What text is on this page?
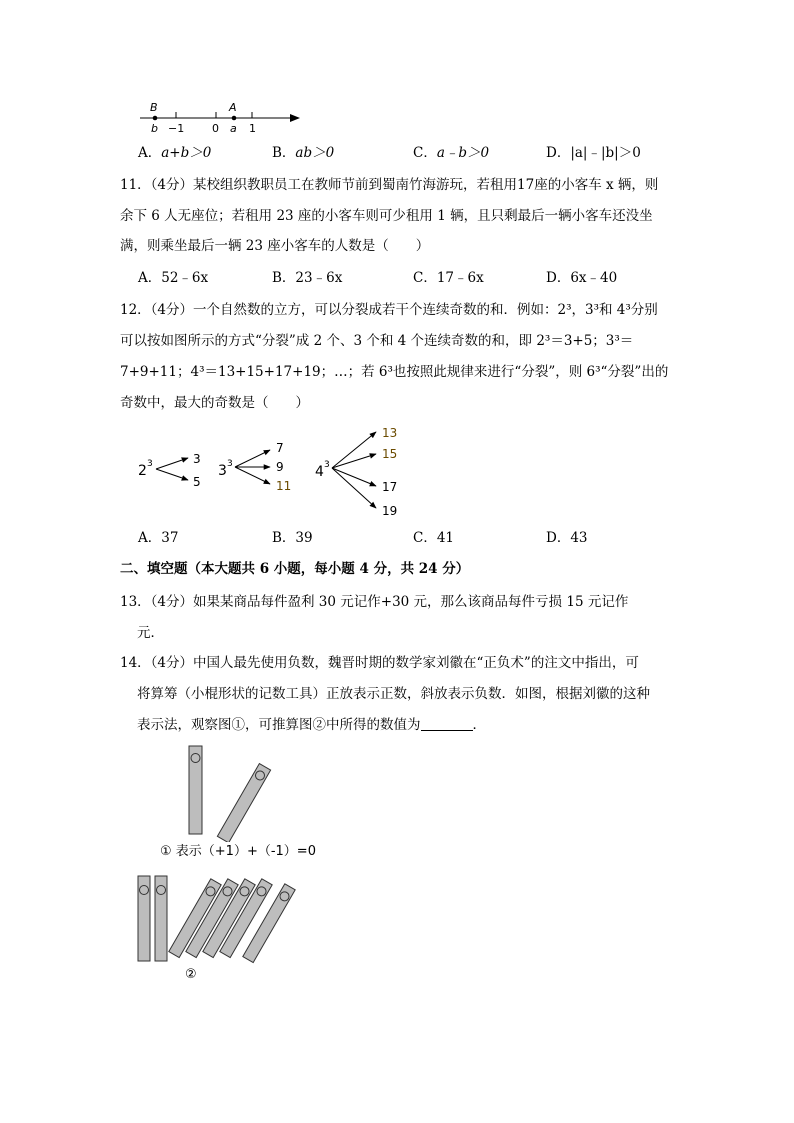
B	A
b −1	0 a 1
A．a+b＞0	B．ab＞0	C．a﹣b＞0	D．|a|﹣|b|＞0
11．（4分）某校组织教职员工在教师节前到蜀南竹海游玩，若租用17座的小客车 x 辆，则
余下 6 人无座位；若租用 23 座的小客车则可少租用 1 辆，且只剩最后一辆小客车还没坐
满，则乘坐最后一辆 23 座小客车的人数是（　　）
A．52﹣6x	B．23﹣6x	C．17﹣6x	D．6x﹣40
12．（4分）一个自然数的立方，可以分裂成若干个连续奇数的和．例如：2³，3³和 4³分别
可以按如图所示的方式“分裂”成 2 个、3 个和 4 个连续奇数的和，即 2³＝3+5；3³＝
7+9+11；4³＝13+15+17+19；…；若 6³也按照此规律来进行“分裂”，则 6³“分裂”出的
奇数中，最大的奇数是（　　）
2 3	3
5
3 3
7
9
11
4 3
13
15
17
19
A．37	B．39	C．41	D．43
二、填空题（本大题共 6 小题，每小题 4 分，共 24 分）
13．（4分）如果某商品每件盈利 30 元记作+30 元，那么该商品每件亏损 15 元记作
元．
14．（4分）中国人最先使用负数，魏晋时期的数学家刘徽在“正负术”的注文中指出，可
将算筹（小棍形状的记数工具）正放表示正数，斜放表示负数．如图，根据刘徽的这种
表示法，观察图①，可推算图②中所得的数值为	．
① 表示（+1）+（-1）=0
②
